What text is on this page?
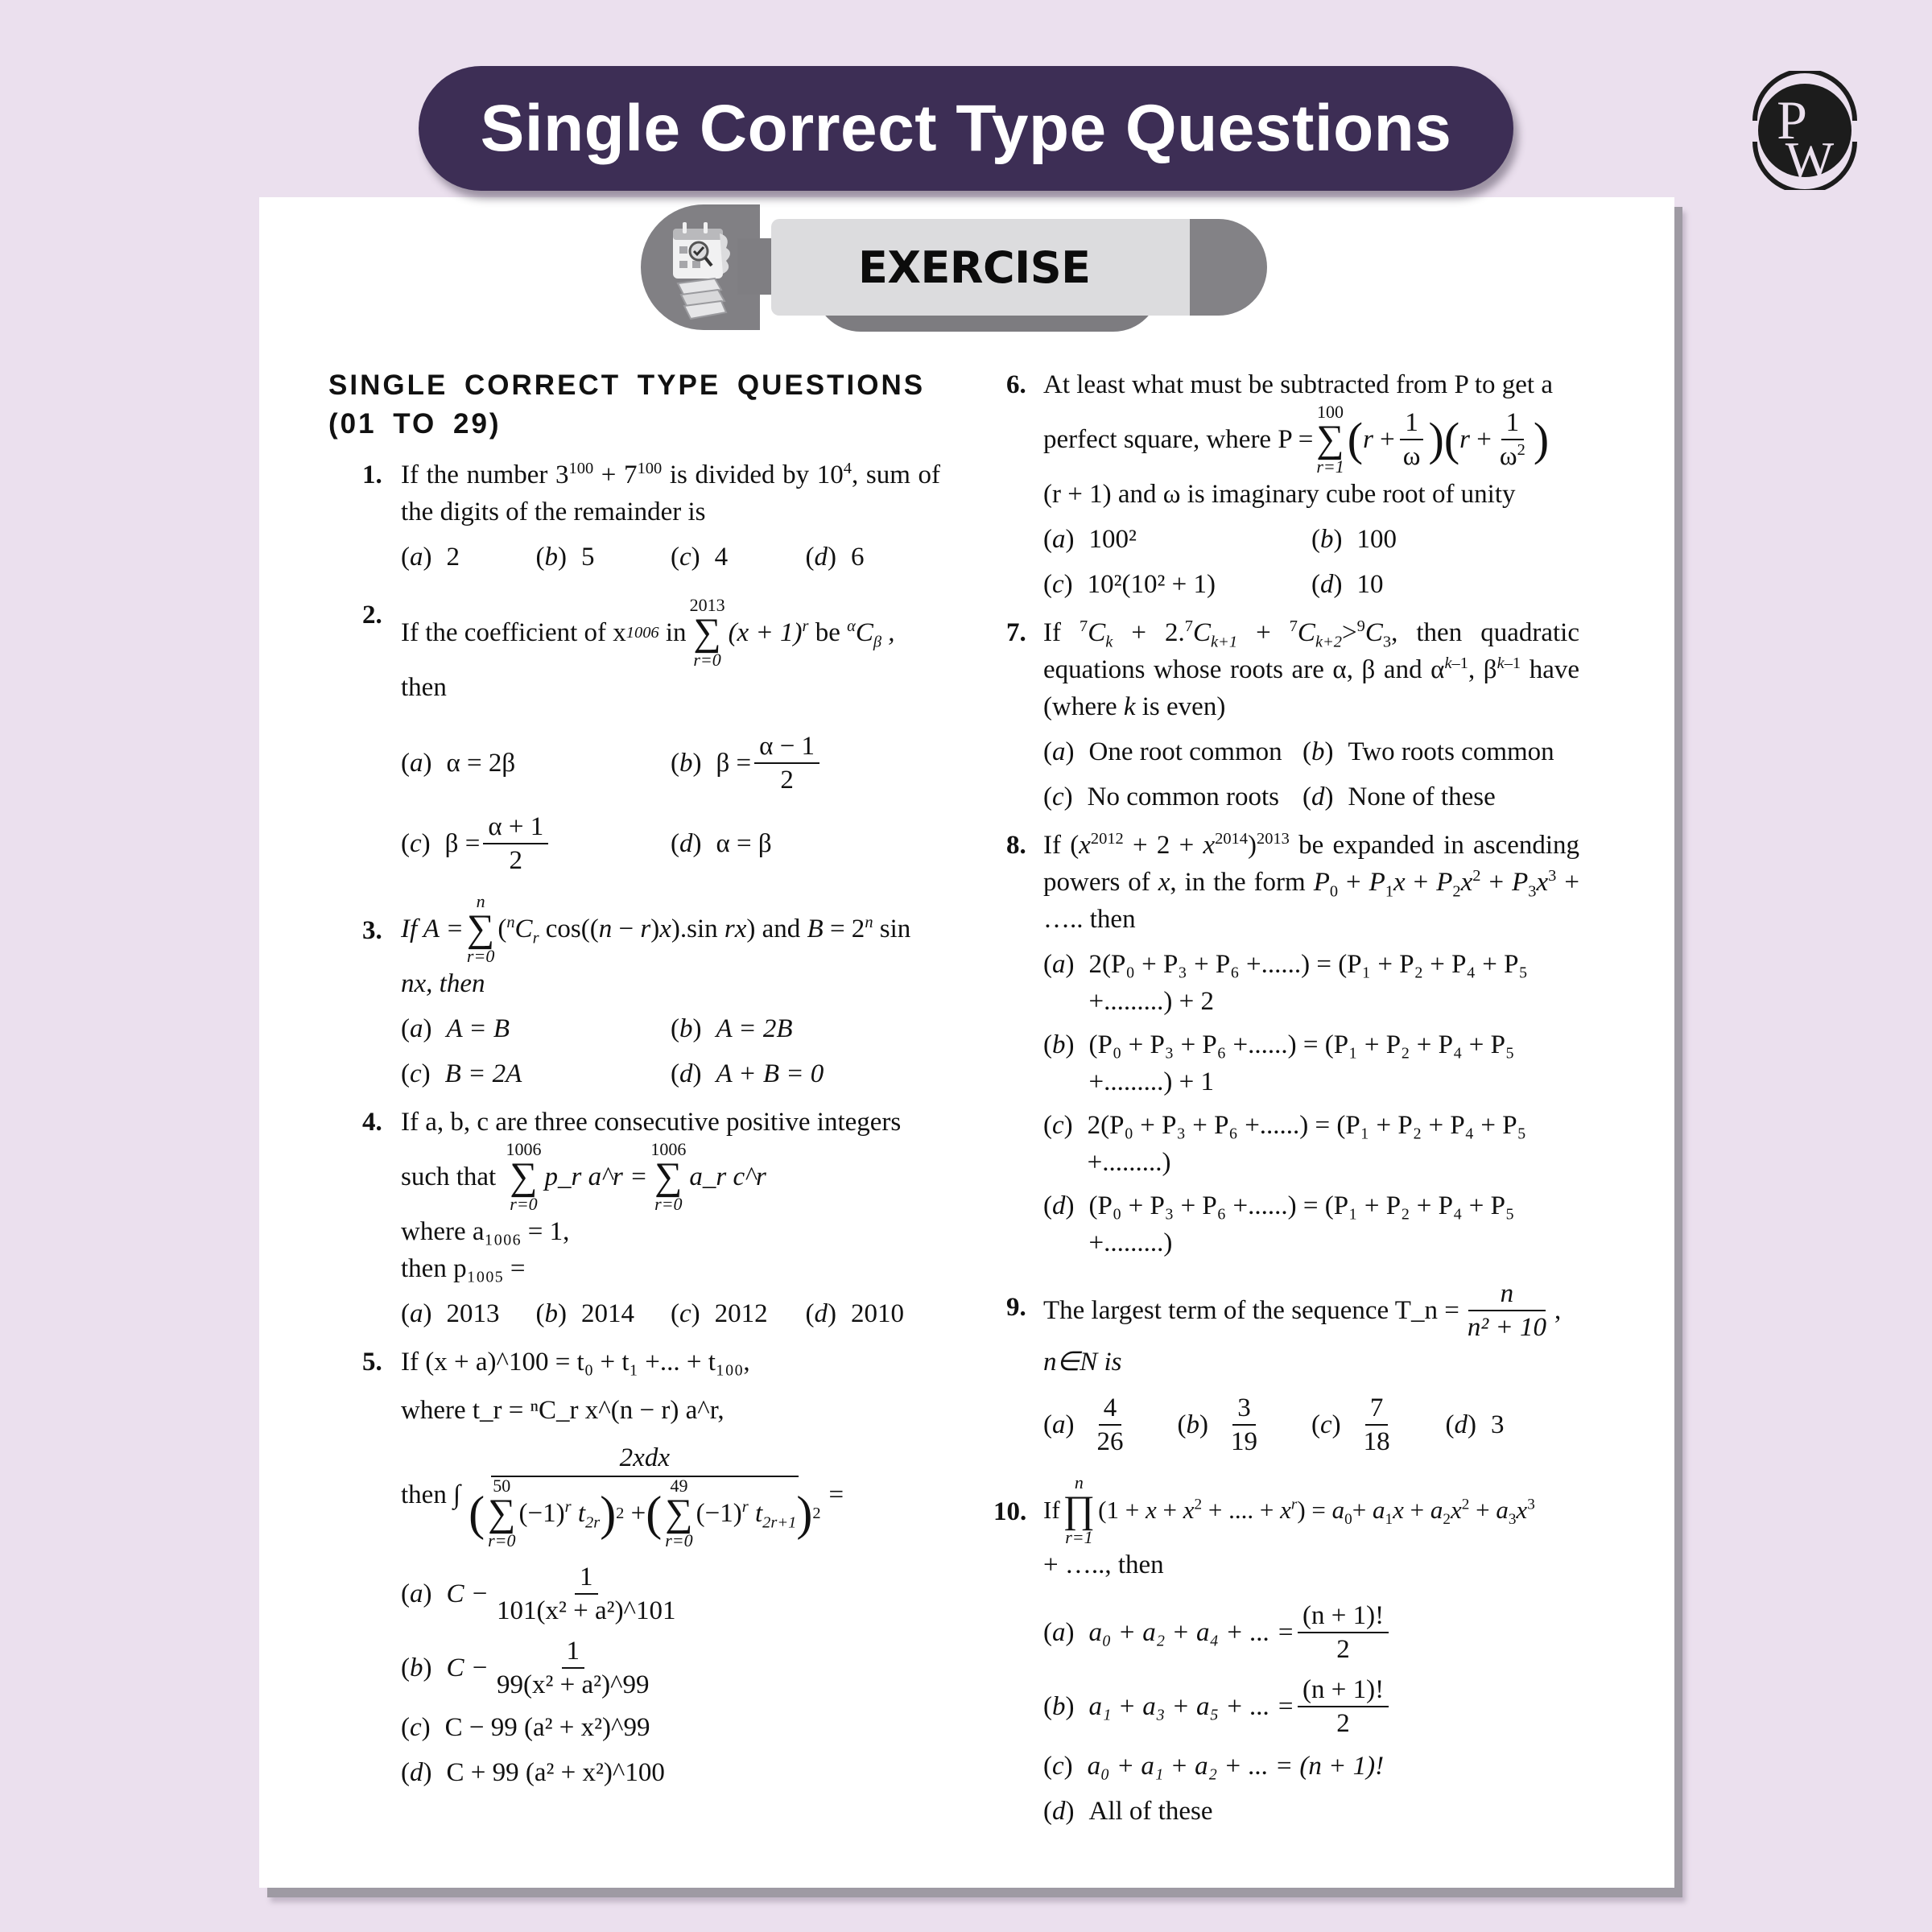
Single Correct Type Questions	P
W
EXERCISE
SINGLE CORRECT TYPE QUESTIONS
(01 TO 29)
1. If the number $3^{100} + 7^{100}$ is divided by $10^4$, sum of the digits of the remainder is
( a ) 2	( b ) 5	( c ) 4	( d ) 6
2.
If the coefficient of x 1006
in
2013
∑
r=0
$(x + 1)^r$ be $^\alpha C_\beta$ ,
then
( a ) α = 2β	( b ) $\beta = \frac{\alpha - 1}{2}$
( c ) $\beta = \frac{\alpha + 1}{2}$	( d ) α = β
3. If A =
n
∑
r=0
($^nC_r$ cos((n − r)x).sin rx) and $B = 2^n$ sin
nx, then
( a ) A = B	( b ) A = 2B
( c ) B = 2A	( d ) A + B = 0
4. If a, b, c are three consecutive positive integers
such that

1006
∑
r=0
p_r a^r =
1006
∑
r=0
a_r c^r

where a₁₀₀₆ = 1,
then p₁₀₀₅ =
( a ) 2013	( b ) 2014	( c ) 2012	( d ) 2010
5. If (x + a)^100 = t₀ + t₁ +... + t₁₀₀,
where t_r = ⁿC_r x^(n − r) a^r,
then ∫
2xdx
(
50
∑
r=0
$(-1)^r$ $t_{2r}$ ) 2 + (
49
∑
r=0
$(-1)^r$ $t_{2r+1}$ ) 2
=
( a ) $C - \frac{1}{\text{101(x² + a²)\textasciicircum{}101}}$
( b ) $C - \frac{1}{\text{99(x² + a²)\textasciicircum{}99}}$
( c ) C − 99 (a² + x²)^99
( d ) C + 99 (a² + x²)^100
6. At least what must be subtracted from P to get a
perfect square, where P =
100
∑
r=1
( $r + \frac{1}{\omega}$ )( $r + \frac{1}{\omega^2}$ )
(r + 1) and ω is imaginary cube root of unity
( a ) 100²	( b ) 100
( c ) 10²(10² + 1)	( d ) 10
7. If $^7C_k + 2.^7C_{k+1} + ^7C_{k+2}>^9C_3$, then quadratic equations whose roots are α, β and $\alpha^{k-1}$, $\beta^{k-1}$ have (where k is even)
( a ) One root common	( b ) Two roots common
( c ) No common roots	( d ) None of these
8. If $(x^{2012} + 2 + x^{2014})^{2013}$ be expanded in ascending powers of x, in the form $P_0 + P_1x + P_2x^2 + P_3x^3$ + ….. then
( a ) 2(P₀ + P₃ + P₆ +......) = (P₁ + P₂ + P₄ + P₅ +.........) + 2
( b ) (P₀ + P₃ + P₆ +......) = (P₁ + P₂ + P₄ + P₅ +.........) + 1
( c ) 2(P₀ + P₃ + P₆ +......) = (P₁ + P₂ + P₄ + P₅ +.........)
( d ) (P₀ + P₃ + P₆ +......) = (P₁ + P₂ + P₄ + P₅ +.........)
9. The largest term of the sequence T_n = $\frac{n}{\text{n² + 10}}$ ,
n∈N is
( a )	$\frac{4}{26}$	( b )	$\frac{3}{19}$	( c )	$\frac{7}{18}$	( d ) 3
10. If
n
∏
r=1
($1 + x + x^2$ + .... + $x^r) = a_0+ a_1x + a_2x^2 + a_3x^3$
+ ….., then
( a ) a₀ + a₂ + a₄ + ... = $\frac{(n + 1)!}{2}$
( b ) a₁ + a₃ + a₅ + ... = $\frac{(n + 1)!}{2}$
( c ) a₀ + a₁ + a₂ + ... = (n + 1)!
( d ) All of these
